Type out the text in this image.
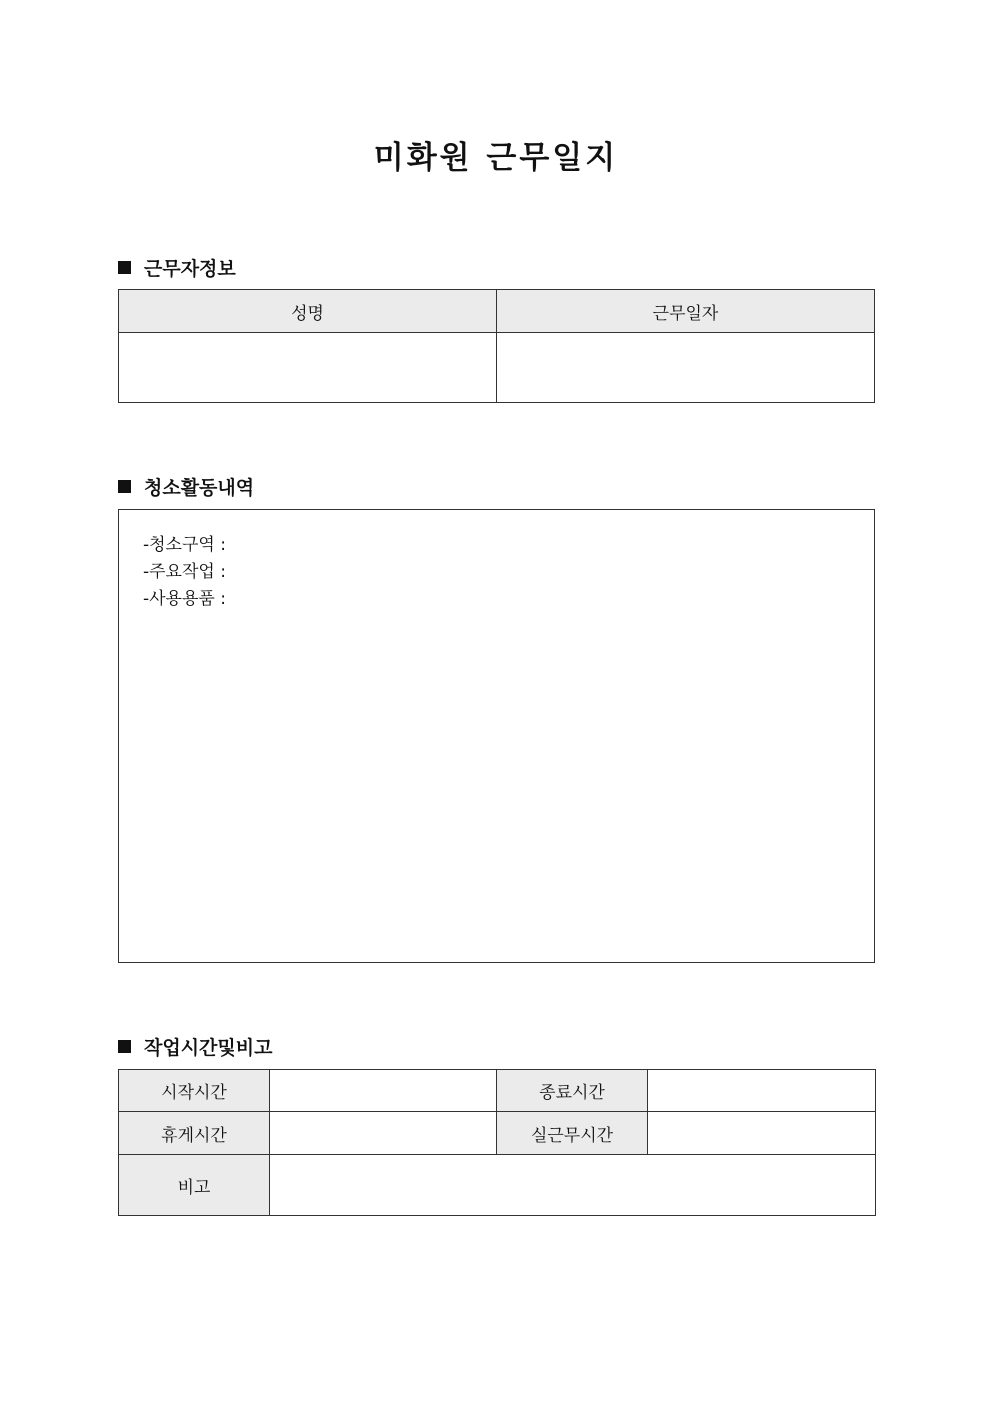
미화원 근무일지
근무자정보
성명	근무일자

청소활동내역
-청소구역 :
-주요작업 :
-사용용품 :
작업시간및비고
시작시간		종료시간	
휴게시간		실근무시간	
비고			
